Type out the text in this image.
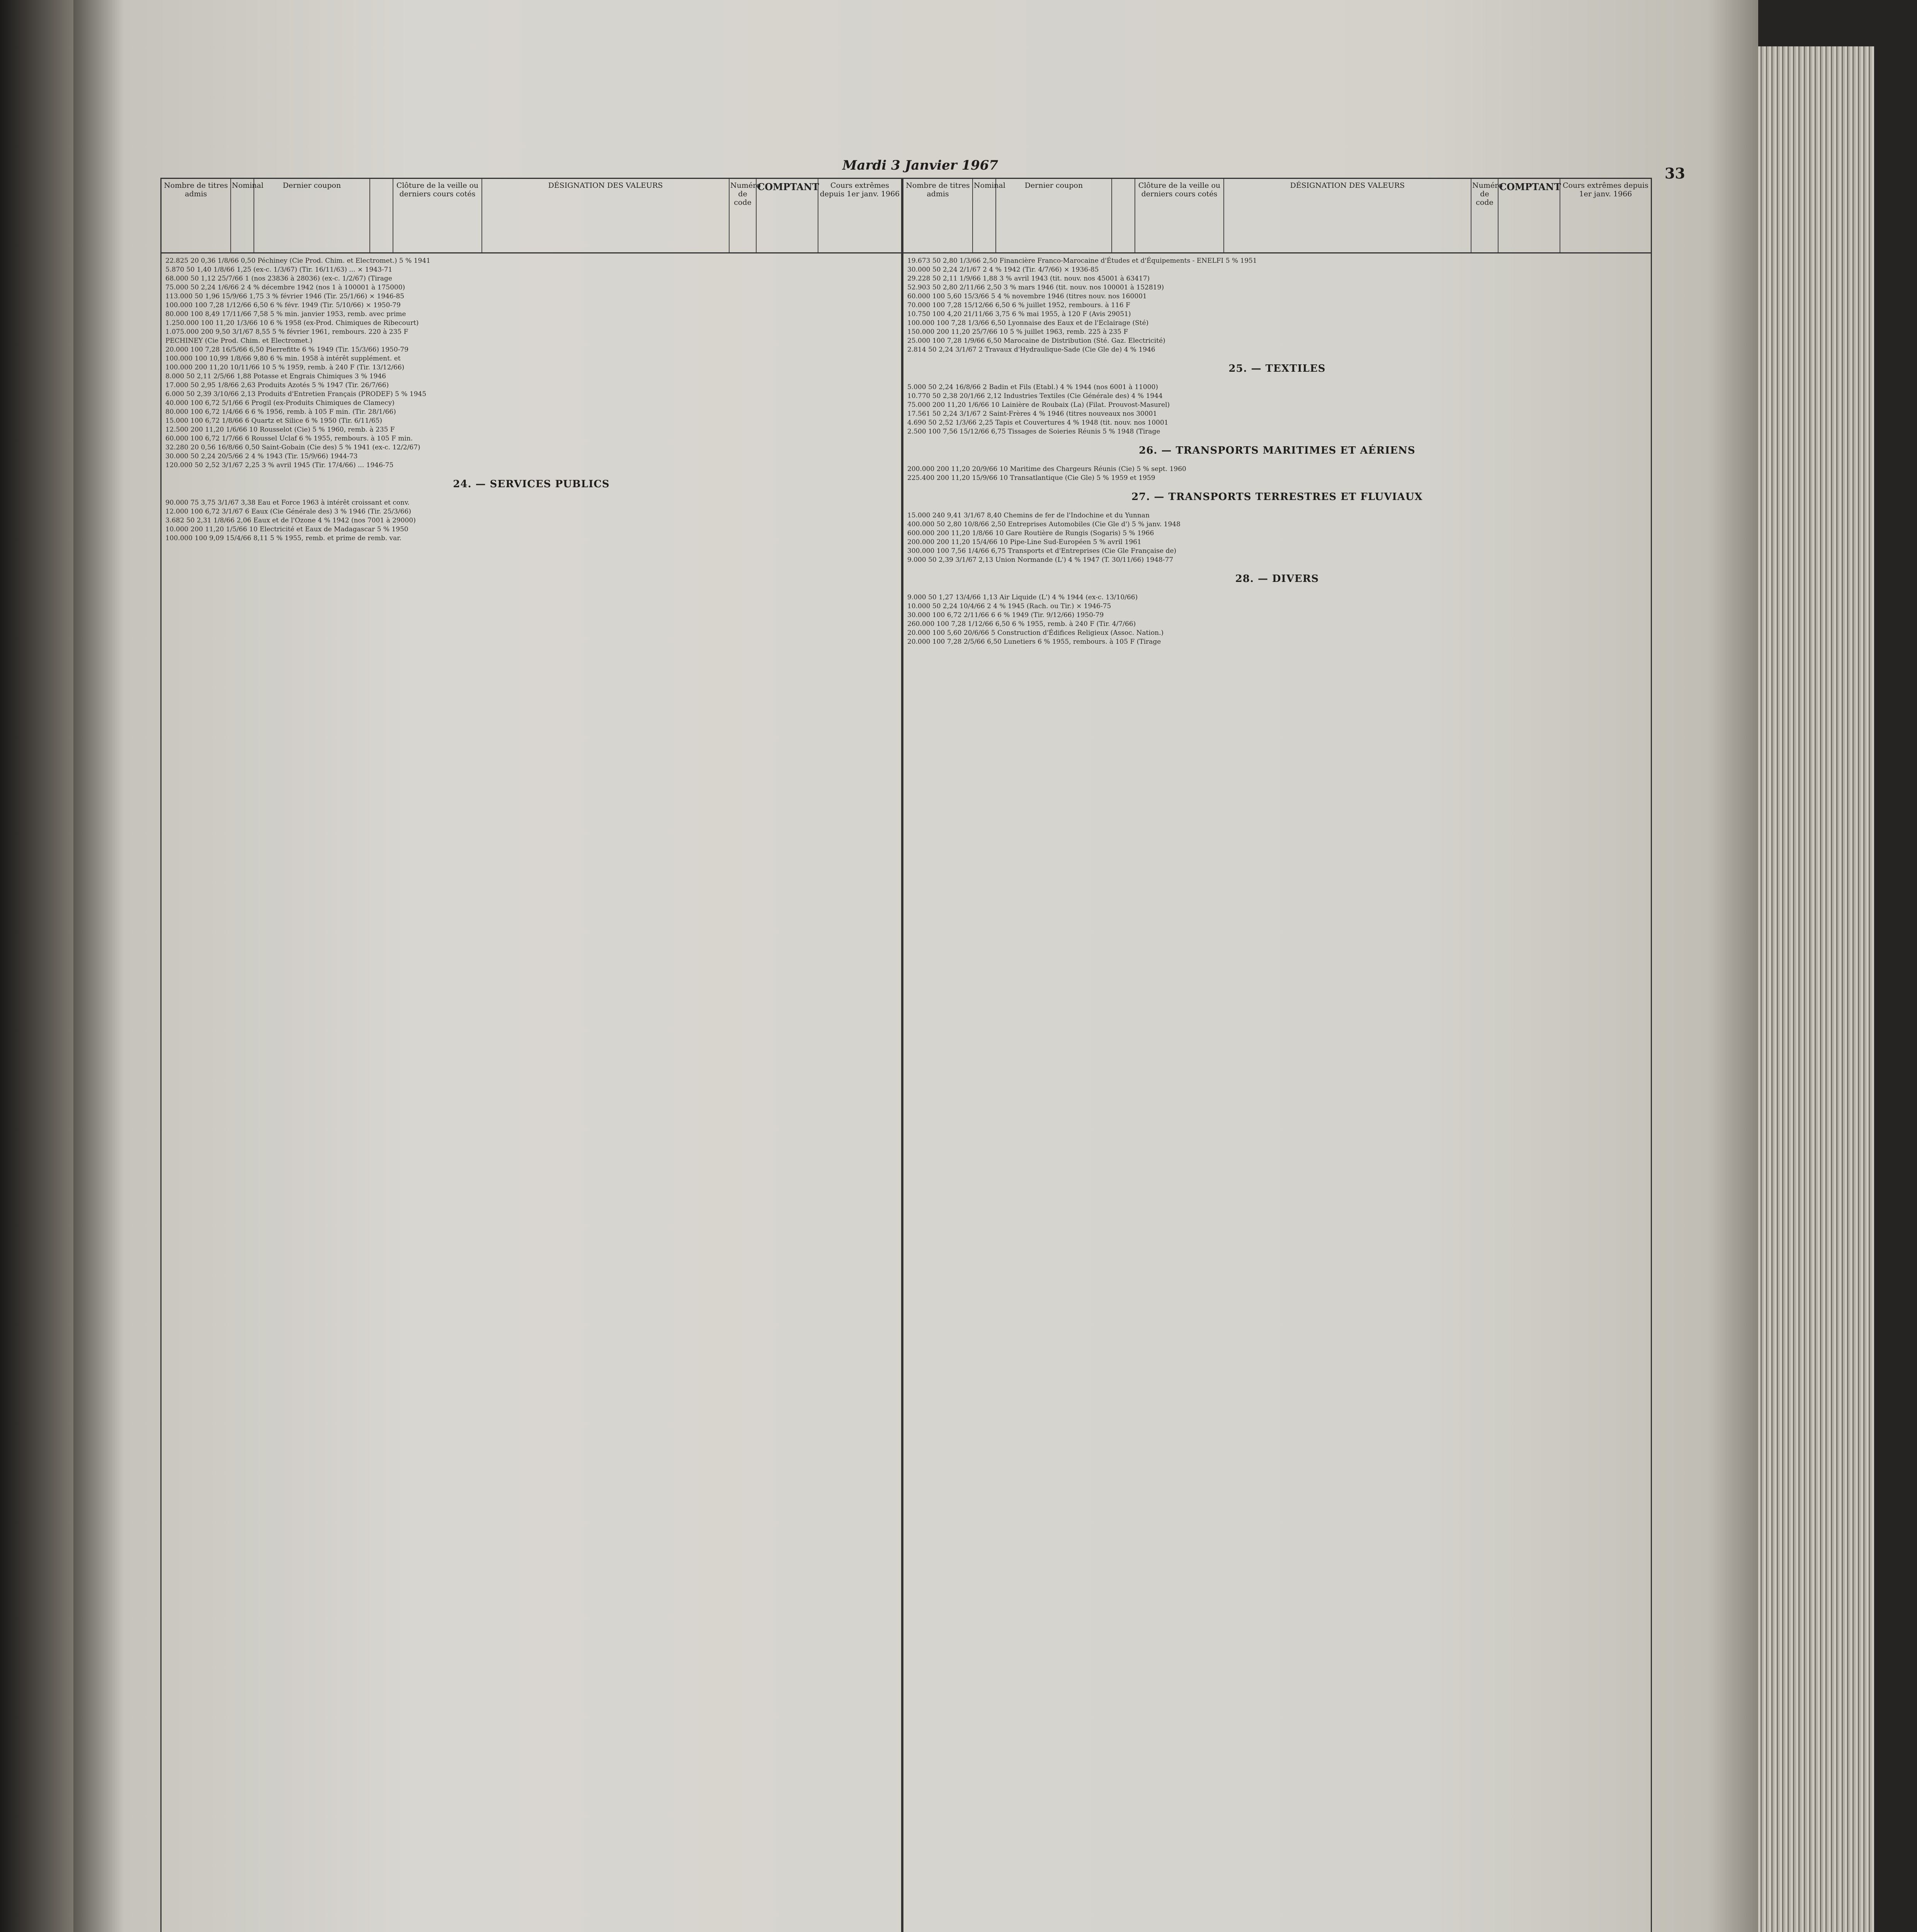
Mardi 3 Janvier 1967	33
Nombre de titres admis
Nominal	Dernier coupon	Clôture de la veille ou derniers cours cotés
DÉSIGNATION DES VALEURS	Numéro de code
COMPTANT	Cours extrêmes depuis 1er janv. 1966
22.825 20 0,36 1/8/66 0,50 Péchiney (Cie Prod. Chim. et Electromet.) 5 % 1941
5.870 50 1,40 1/8/66 1,25 (ex-c. 1/3/67) (Tir. 16/11/63) ... × 1943-71
68.000 50 1,12 25/7/66 1 (nos 23836 à 28036) (ex-c. 1/2/67) (Tirage
75.000 50 2,24 1/6/66 2 4 % décembre 1942 (nos 1 à 100001 à 175000)
113.000 50 1,96 15/9/66 1,75 3 % février 1946 (Tir. 25/1/66) × 1946-85
100.000 100 7,28 1/12/66 6,50 6 % févr. 1949 (Tir. 5/10/66) × 1950-79
80.000 100 8,49 17/11/66 7,58 5 % min. janvier 1953, remb. avec prime
1.250.000 100 11,20 1/3/66 10 6 % 1958 (ex-Prod. Chimiques de Ribecourt)
1.075.000 200 9,50 3/1/67 8,55 5 % février 1961, rembours. 220 à 235 F
PECHINEY (Cie Prod. Chim. et Electromet.)
20.000 100 7,28 16/5/66 6,50 Pierrefitte 6 % 1949 (Tir. 15/3/66) 1950-79
100.000 100 10,99 1/8/66 9,80 6 % min. 1958 à intérêt supplément. et
100.000 200 11,20 10/11/66 10 5 % 1959, remb. à 240 F (Tir. 13/12/66)
8.000 50 2,11 2/5/66 1,88 Potasse et Engrais Chimiques 3 % 1946
17.000 50 2,95 1/8/66 2,63 Produits Azotés 5 % 1947 (Tir. 26/7/66)
6.000 50 2,39 3/10/66 2,13 Produits d'Entretien Français (PRODEF) 5 % 1945
40.000 100 6,72 5/1/66 6 Progil (ex-Produits Chimiques de Clamecy)
80.000 100 6,72 1/4/66 6 6 % 1956, remb. à 105 F min. (Tir. 28/1/66)
15.000 100 6,72 1/8/66 6 Quartz et Silice 6 % 1950 (Tir. 6/11/65)
12.500 200 11,20 1/6/66 10 Rousselot (Cie) 5 % 1960, remb. à 235 F
60.000 100 6,72 1/7/66 6 Roussel Uclaf 6 % 1955, rembours. à 105 F min.
32.280 20 0,56 16/8/66 0,50 Saint-Gobain (Cie des) 5 % 1941 (ex-c. 12/2/67)
30.000 50 2,24 20/5/66 2 4 % 1943 (Tir. 15/9/66) 1944-73
120.000 50 2,52 3/1/67 2,25 3 % avril 1945 (Tir. 17/4/66) ... 1946-75
24. — SERVICES PUBLICS
90.000 75 3,75 3/1/67 3,38 Eau et Force 1963 à intérêt croissant et conv.
12.000 100 6,72 3/1/67 6 Eaux (Cie Générale des) 3 % 1946 (Tir. 25/3/66)
3.682 50 2,31 1/8/66 2,06 Eaux et de l'Ozone 4 % 1942 (nos 7001 à 29000)
10.000 200 11,20 1/5/66 10 Electricité et Eaux de Madagascar 5 % 1950
100.000 100 9,09 15/4/66 8,11 5 % 1955, remb. et prime de remb. var.
Nombre de titres admis
Nominal	Dernier coupon	Clôture de la veille ou derniers cours cotés
DÉSIGNATION DES VALEURS	Numéro de code
COMPTANT Cours extrêmes depuis 1er janv. 1966
19.673 50 2,80 1/3/66 2,50 Financière Franco-Marocaine d'Études et d'Équipements - ENELFI 5 % 1951
30.000 50 2,24 2/1/67 2 4 % 1942 (Tir. 4/7/66) × 1936-85
29.228 50 2,11 1/9/66 1,88 3 % avril 1943 (tit. nouv. nos 45001 à 63417)
52.903 50 2,80 2/11/66 2,50 3 % mars 1946 (tit. nouv. nos 100001 à 152819)
60.000 100 5,60 15/3/66 5 4 % novembre 1946 (titres nouv. nos 160001
70.000 100 7,28 15/12/66 6,50 6 % juillet 1952, rembours. à 116 F
10.750 100 4,20 21/11/66 3,75 6 % mai 1955, à 120 F (Avis 29051)
100.000 100 7,28 1/3/66 6,50 Lyonnaise des Eaux et de l'Eclairage (Sté)
150.000 200 11,20 25/7/66 10 5 % juillet 1963, remb. 225 à 235 F
25.000 100 7,28 1/9/66 6,50 Marocaine de Distribution (Sté. Gaz. Electricité)
2.814 50 2,24 3/1/67 2 Travaux d'Hydraulique-Sade (Cie Gle de) 4 % 1946
25. — TEXTILES
5.000 50 2,24 16/8/66 2 Badin et Fils (Etabl.) 4 % 1944 (nos 6001 à 11000)
10.770 50 2,38 20/1/66 2,12 Industries Textiles (Cie Générale des) 4 % 1944
75.000 200 11,20 1/6/66 10 Lainière de Roubaix (La) (Filat. Prouvost-Masurel)
17.561 50 2,24 3/1/67 2 Saint-Frères 4 % 1946 (titres nouveaux nos 30001
4.690 50 2,52 1/3/66 2,25 Tapis et Couvertures 4 % 1948 (tit. nouv. nos 10001
2.500 100 7,56 15/12/66 6,75 Tissages de Soieries Réunis 5 % 1948 (Tirage
26. — TRANSPORTS MARITIMES ET AÉRIENS
200.000 200 11,20 20/9/66 10 Maritime des Chargeurs Réunis (Cie) 5 % sept. 1960
225.400 200 11,20 15/9/66 10 Transatlantique (Cie Gle) 5 % 1959 et 1959
27. — TRANSPORTS TERRESTRES ET FLUVIAUX
15.000 240 9,41 3/1/67 8,40 Chemins de fer de l'Indochine et du Yunnan
400.000 50 2,80 10/8/66 2,50 Entreprises Automobiles (Cie Gle d') 5 % janv. 1948
600.000 200 11,20 1/8/66 10 Gare Routière de Rungis (Sogaris) 5 % 1966
200.000 200 11,20 15/4/66 10 Pipe-Line Sud-Européen 5 % avril 1961
300.000 100 7,56 1/4/66 6,75 Transports et d'Entreprises (Cie Gle Française de)
9.000 50 2,39 3/1/67 2,13 Union Normande (L') 4 % 1947 (T. 30/11/66) 1948-77
28. — DIVERS
9.000 50 1,27 13/4/66 1,13 Air Liquide (L') 4 % 1944 (ex-c. 13/10/66)
10.000 50 2,24 10/4/66 2 4 % 1945 (Rach. ou Tir.) × 1946-75
30.000 100 6,72 2/11/66 6 6 % 1949 (Tir. 9/12/66) 1950-79
260.000 100 7,28 1/12/66 6,50 6 % 1955, remb. à 240 F (Tir. 4/7/66)
20.000 100 5,60 20/6/66 5 Construction d'Édifices Religieux (Assoc. Nation.)
20.000 100 7,28 2/5/66 6,50 Lunetiers 6 % 1955, rembours. à 105 F (Tirage
